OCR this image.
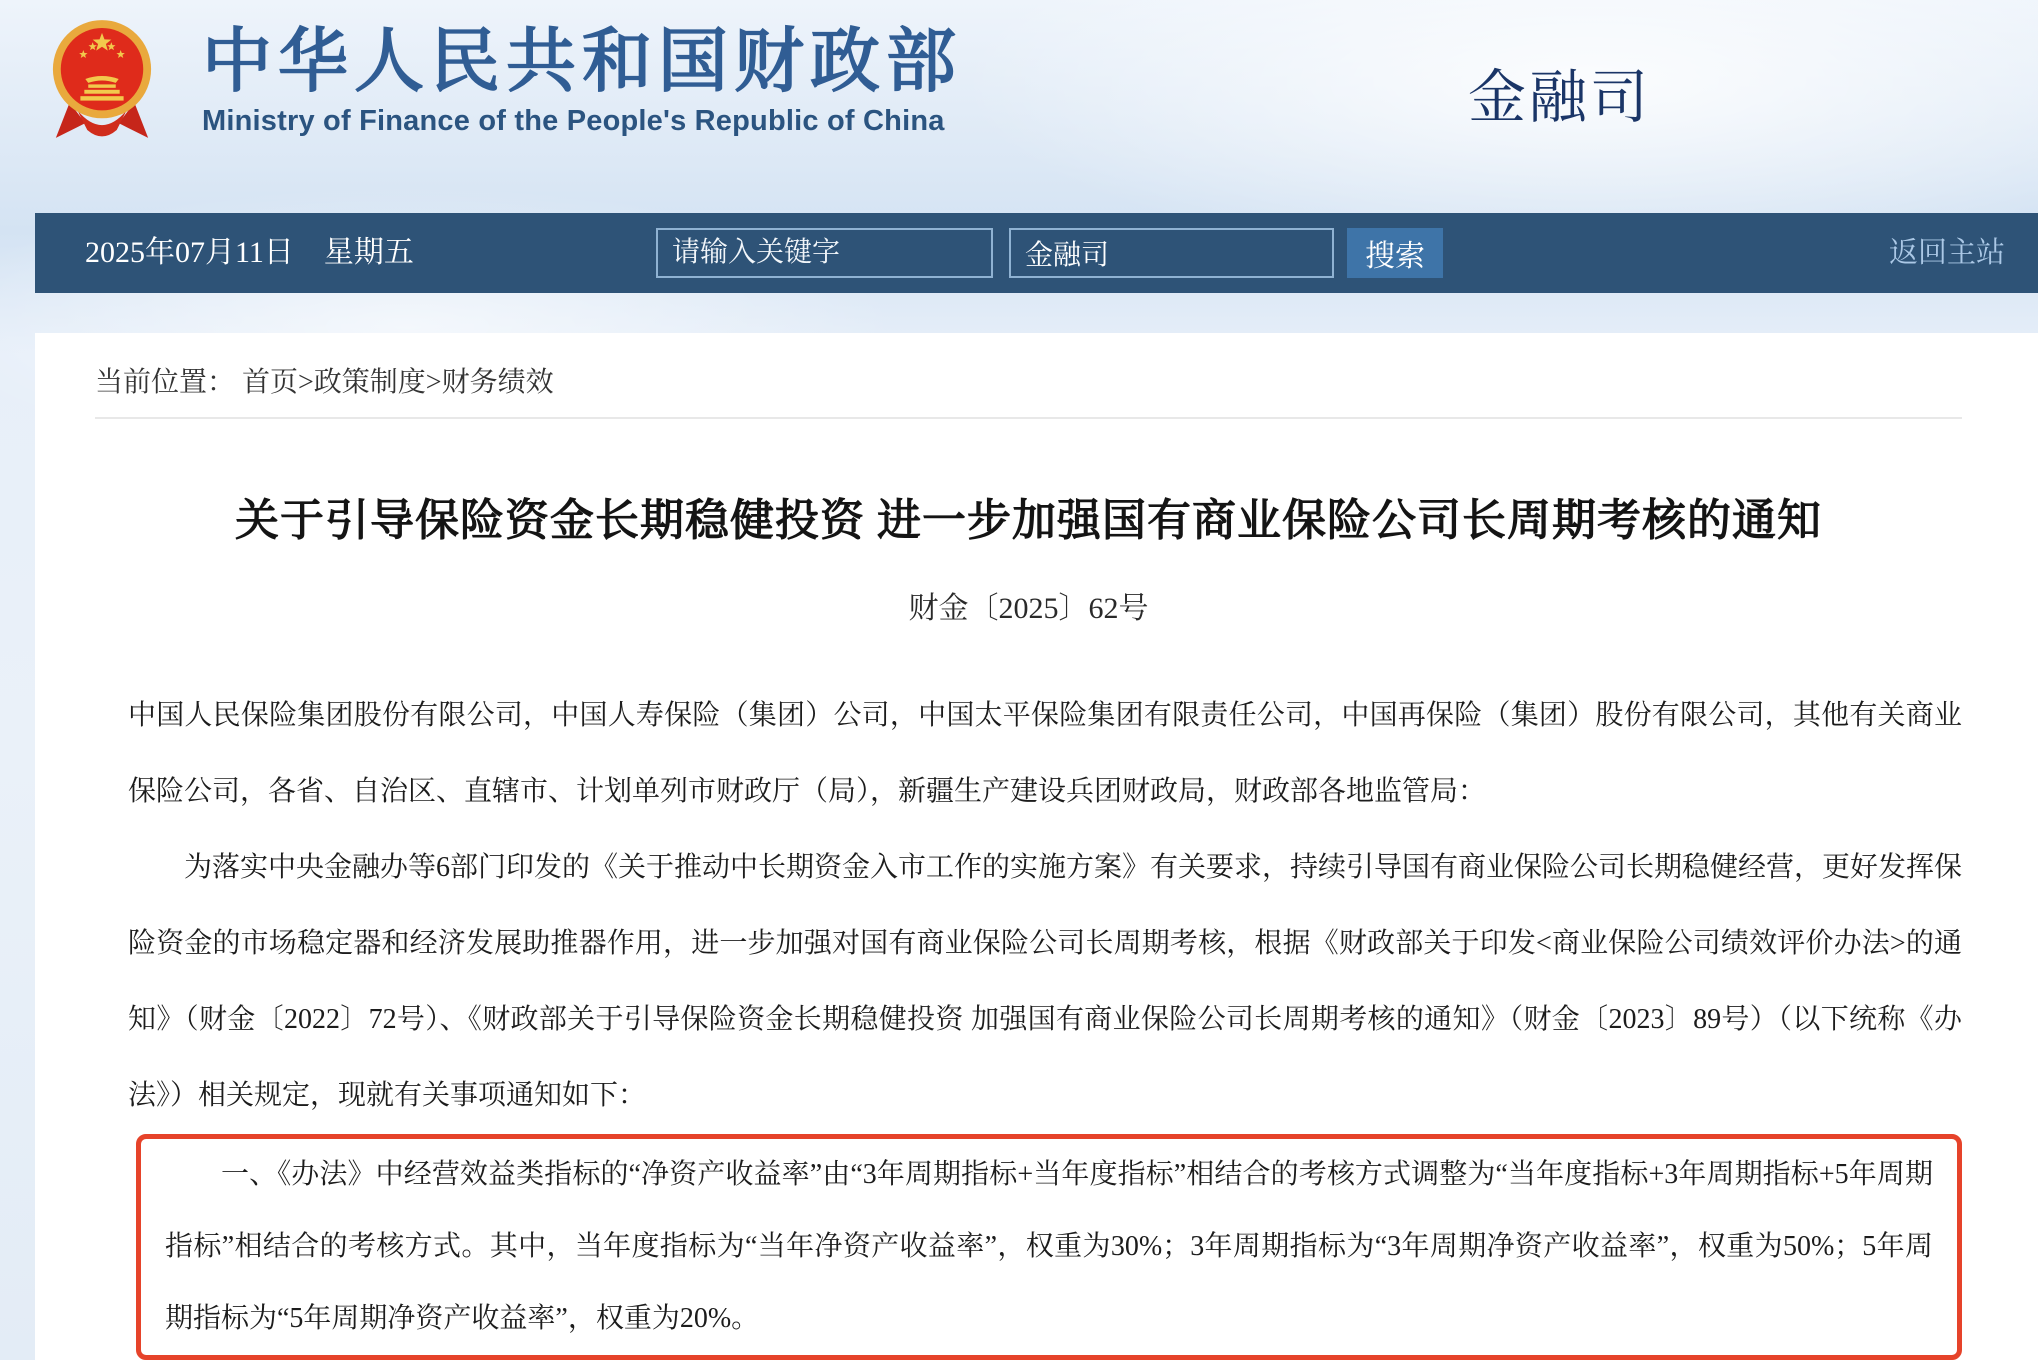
中华人民共和国财政部
Ministry of Finance of the People's Republic of China	金融司
2025年07月11日　星期五
请输入关键字
金融司	搜索	返回主站
当前位置： 首页>政策制度>财务绩效
关于引导保险资金长期稳健投资 进一步加强国有商业保险公司长周期考核的通知
财金〔2025〕62号

中国人民保险集团股份有限公司，中国人寿保险（集团）公司，中国太平保险集团有限责任公司，中国再保险（集团）股份有限公司，其他有关商业保险公司，各省、自治区、直辖市、计划单列市财政厅（局），新疆生产建设兵团财政局，财政部各地监管局：

为落实中央金融办等6部门印发的《关于推动中长期资金入市工作的实施方案》有关要求，持续引导国有商业保险公司长期稳健经营，更好发挥保险资金的市场稳定器和经济发展助推器作用，进一步加强对国有商业保险公司长周期考核，根据《财政部关于印发<商业保险公司绩效评价办法>的通知》（财金〔2022〕72号）、《财政部关于引导保险资金长期稳健投资 加强国有商业保险公司长周期考核的通知》（财金〔2023〕89号）（以下统称《办法》）相关规定，现就有关事项通知如下：

一、《办法》中经营效益类指标的“净资产收益率”由“3年周期指标+当年度指标”相结合的考核方式调整为“当年度指标+3年周期指标+5年周期指标”相结合的考核方式。其中，当年度指标为“当年净资产收益率”，权重为30%；3年周期指标为“3年周期净资产收益率”，权重为50%；5年周期指标为“5年周期净资产收益率”，权重为20%。
